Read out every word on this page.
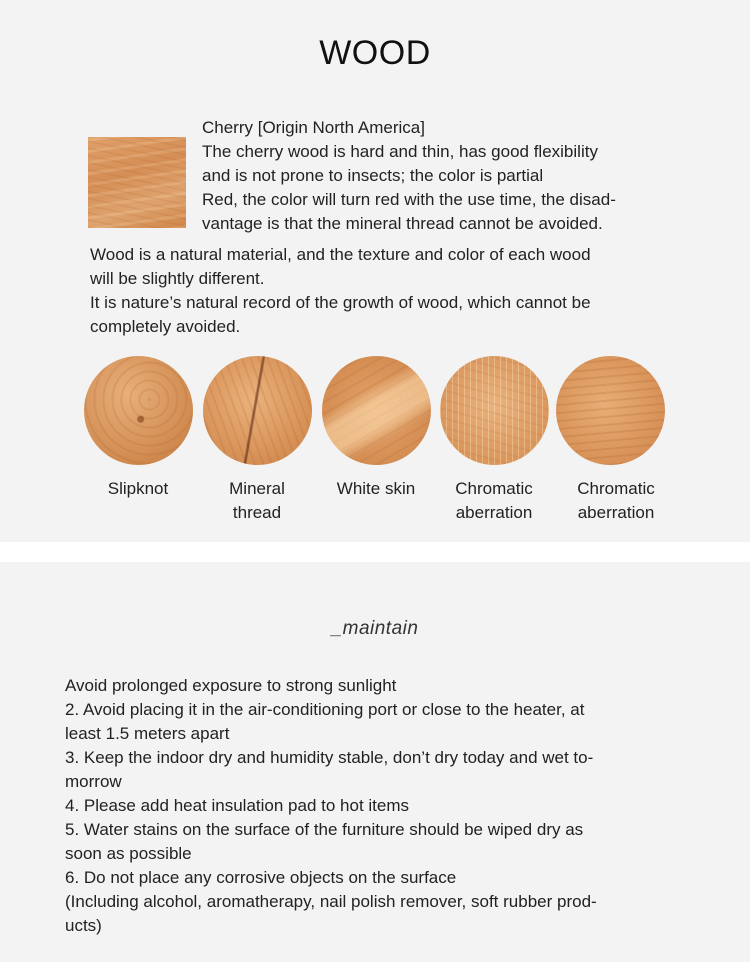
WOOD
Cherry [Origin North America]
The cherry wood is hard and thin, has good flexibility
and is not prone to insects; the color is partial
Red, the color will turn red with the use time, the disad-
vantage is that the mineral thread cannot be avoided.
Wood is a natural material, and the texture and color of each wood
will be slightly different.
It is nature’s natural record of the growth of wood, which cannot be
completely avoided.
Slipknot	Mineral
thread
White skin	Chromatic
aberration
Chromatic
aberration
_maintain
Avoid prolonged exposure to strong sunlight
2. Avoid placing it in the air-conditioning port or close to the heater, at
least 1.5 meters apart
3. Keep the indoor dry and humidity stable, don’t dry today and wet to-
morrow
4. Please add heat insulation pad to hot items
5. Water stains on the surface of the furniture should be wiped dry as
soon as possible
6. Do not place any corrosive objects on the surface
(Including alcohol, aromatherapy, nail polish remover, soft rubber prod-
ucts)
